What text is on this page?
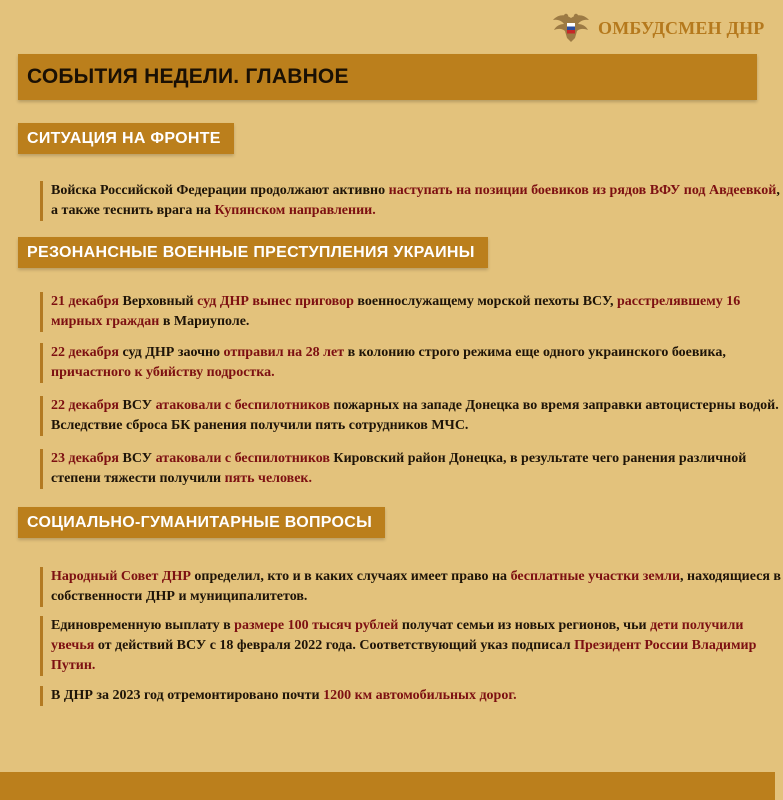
ОМБУДСМЕН ДНР
СОБЫТИЯ НЕДЕЛИ. ГЛАВНОЕ
СИТУАЦИЯ НА ФРОНТЕ
Войска Российской Федерации продолжают активно наступать на позиции боевиков из рядов ВФУ под Авдеевкой, а также теснить врага на Купянском направлении.
РЕЗОНАНСНЫЕ ВОЕННЫЕ ПРЕСТУПЛЕНИЯ УКРАИНЫ
21 декабря Верховный суд ДНР вынес приговор военнослужащему морской пехоты ВСУ, расстрелявшему 16 мирных граждан в Мариуполе.
22 декабря суд ДНР заочно отправил на 28 лет в колонию строго режима еще одного украинского боевика, причастного к убийству подростка.
22 декабря ВСУ атаковали с беспилотников пожарных на западе Донецка во время заправки автоцистерны водой. Вследствие сброса БК ранения получили пять сотрудников МЧС.
23 декабря ВСУ атаковали с беспилотников Кировский район Донецка, в результате чего ранения различной степени тяжести получили пять человек.
СОЦИАЛЬНО-ГУМАНИТАРНЫЕ ВОПРОСЫ
Народный Совет ДНР определил, кто и в каких случаях имеет право на бесплатные участки земли, находящиеся в собственности ДНР и муниципалитетов.
Единовременную выплату в размере 100 тысяч рублей получат семьи из новых регионов, чьи дети получили увечья от действий ВСУ с 18 февраля 2022 года. Соответствующий указ подписал Президент России Владимир Путин.
В ДНР за 2023 год отремонтировано почти 1200 км автомобильных дорог.
